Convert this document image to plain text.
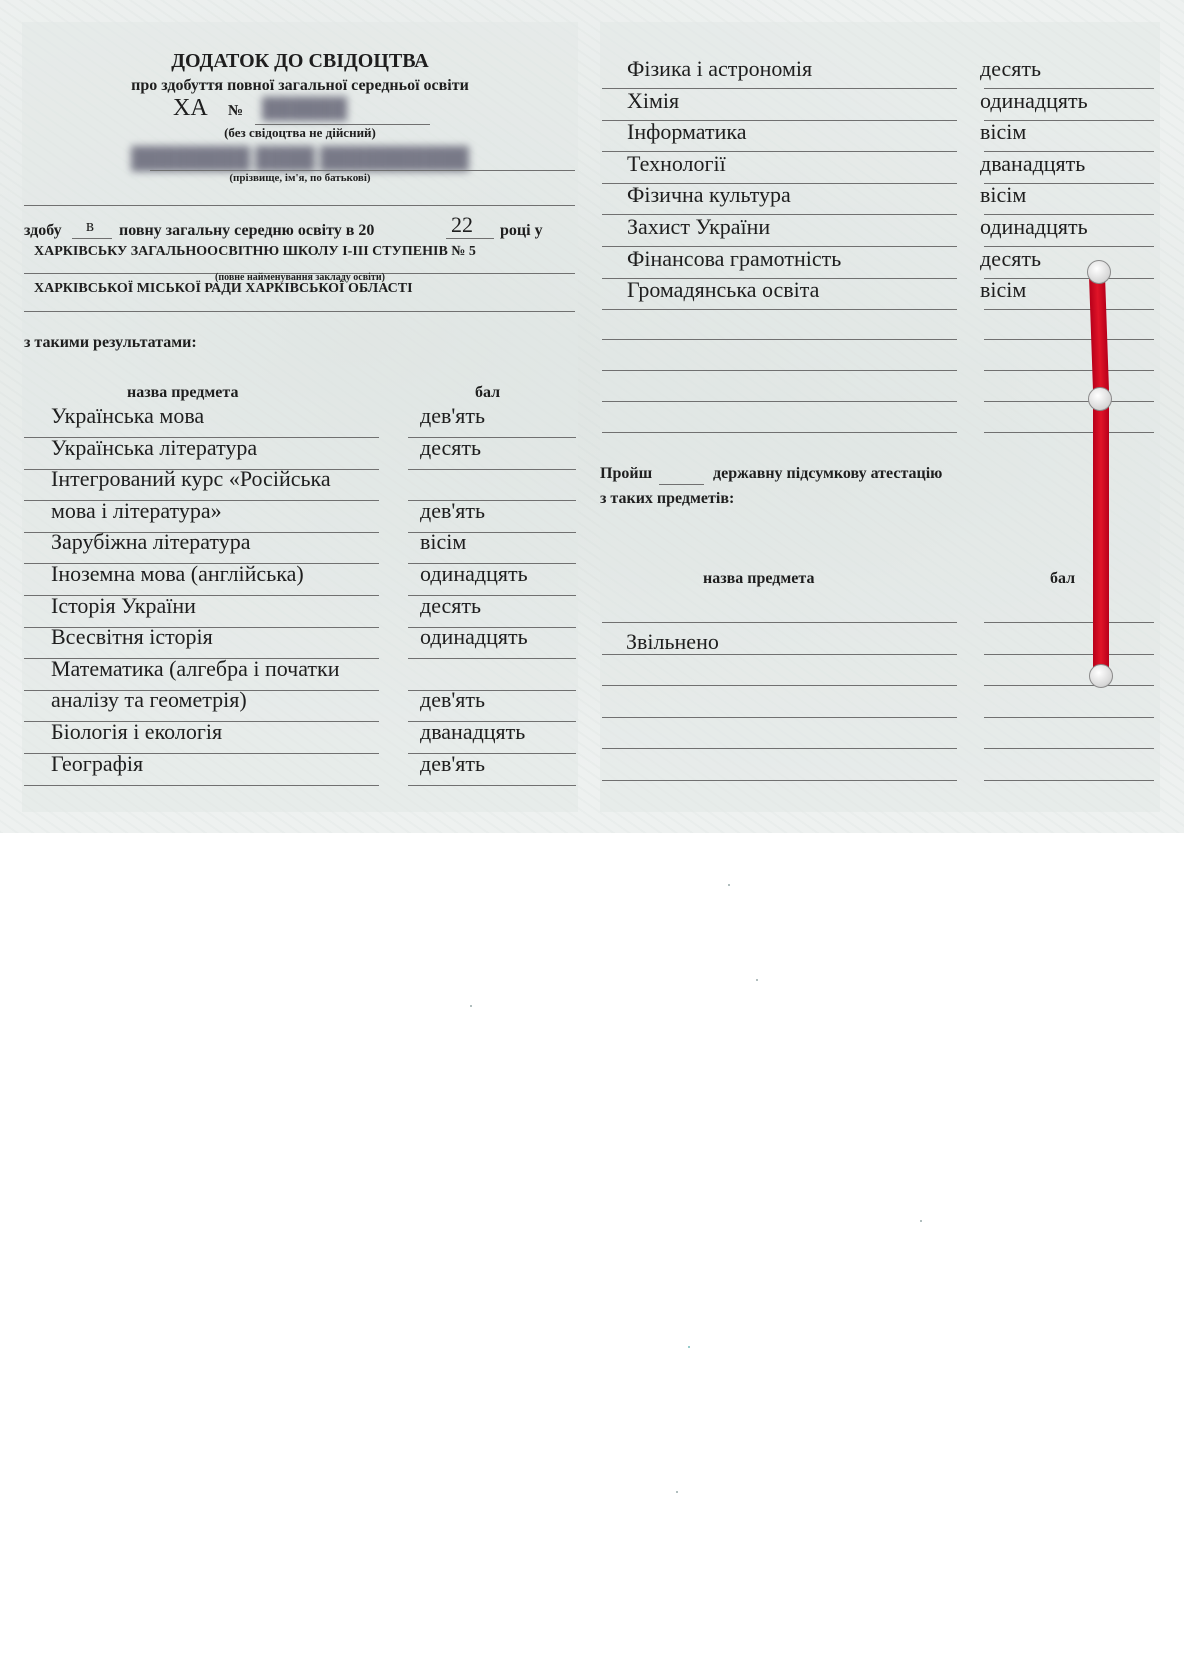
ДОДАТОК ДО СВІДОЦТВА
про здобуття повної загальної середньої освіти
ХА № ██████
(без свідоцтва не дійсний)
████████ ████ ██████████
(прізвище, ім'я, по батькові)
здобу в повну загальну середню освіту в 20	22 році у
ХАРКІВСЬКУ ЗАГАЛЬНООСВІТНЮ ШКОЛУ І-ІІІ СТУПЕНІВ № 5
(повне найменування закладу освіти)
ХАРКІВСЬКОЇ МІСЬКОЇ РАДИ ХАРКІВСЬКОЇ ОБЛАСТІ
з такими результатами:
назва предмета	бал
Українська мова	дев'ять
Українська література	десять
Інтегрований курс «Російська
мова і література»	дев'ять
Зарубіжна література	вісім
Іноземна мова (англійська)	одинадцять
Історія України	десять
Всесвітня історія	одинадцять
Математика (алгебра і початки
аналізу та геометрія)	дев'ять
Біологія і екологія	дванадцять
Географія	дев'ять
Фізика і астрономія	десять
Хімія	одинадцять
Інформатика	вісім
Технології	дванадцять
Фізична культура	вісім
Захист України	одинадцять
Фінансова грамотність	десять
Громадянська освіта	вісім
Пройш	державну підсумкову атестацію
з таких предметів:
назва предмета	бал
Звільнено
